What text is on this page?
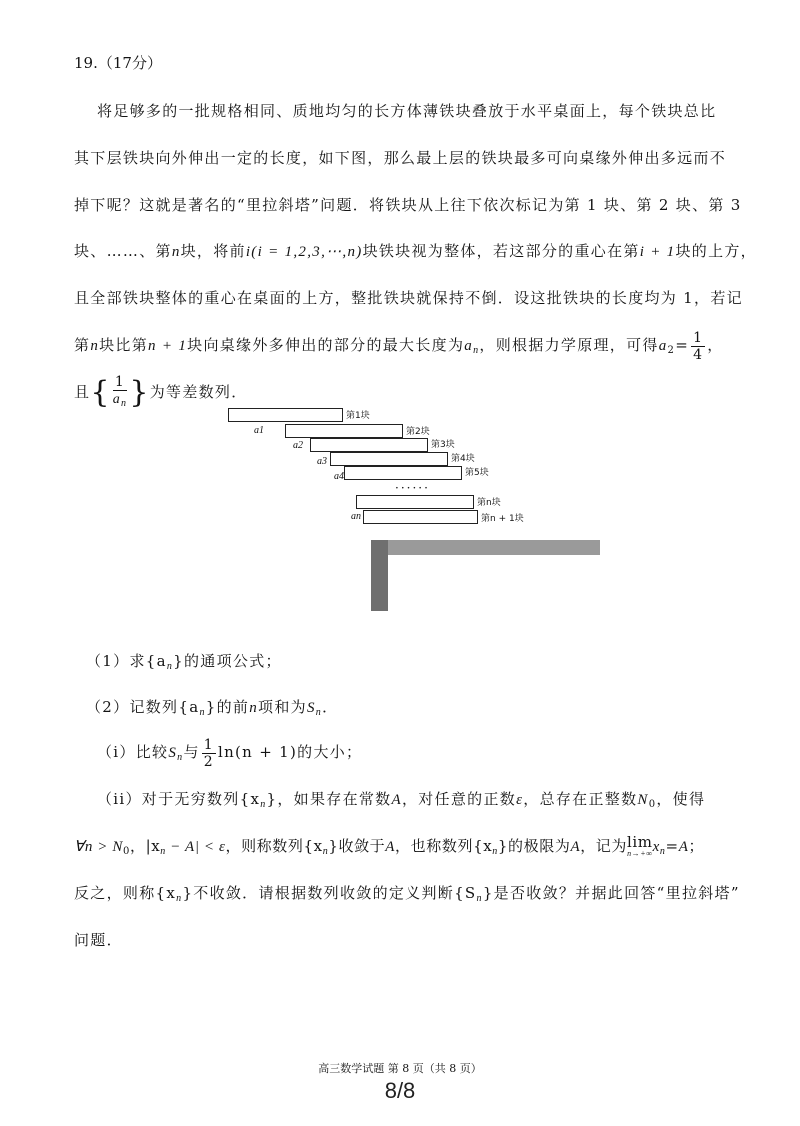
19.（17分）
将足够多的一批规格相同、质地均匀的长方体薄铁块叠放于水平桌面上，每个铁块总比
其下层铁块向外伸出一定的长度，如下图，那么最上层的铁块最多可向桌缘外伸出多远而不
掉下呢？这就是著名的“里拉斜塔”问题．将铁块从上往下依次标记为第 1 块、第 2 块、第 3
块、……、第n块，将前i(i = 1,2,3,⋯,n)块铁块视为整体，若这部分的重心在第i + 1块的上方，
且全部铁块整体的重心在桌面的上方，整批铁块就保持不倒．设这批铁块的长度均为 1，若记
第n块比第n + 1块向桌缘外多伸出的部分的最大长度为$a_n$，则根据力学原理，可得$a_2= \frac{1}{4}$ ，
且{ $\frac{1}{a_n}$ }为等差数列．
第1块
a1	第2块
a2	第3块
a3	第4块
a4	第5块
······
第n块
an	第n + 1块
（1）求$\{a_n\}$的通项公式；
（2）记数列$\{a_n\}$的前n项和为$S_n$．
（i）比较$S_n$与 $\frac{1}{2} \ln(n + 1)$的大小；
（ii）对于无穷数列$\{x_n\}$，如果存在常数A，对任意的正数ε，总存在正整数$N_0$，使得
∀n > $N_0$，$|x_n - A| < \varepsilon$，则称数列$\{x_n\}$收敛于A，也称数列$\{x_n\}$的极限为A，记为 lim
n→+∞ $x_n=A$；
反之，则称$\{x_n\}$不收敛．请根据数列收敛的定义判断$\{S_n\}$是否收敛？并据此回答“里拉斜塔”
问题．
高三数学试题 第 8 页（共 8 页）
8/8
